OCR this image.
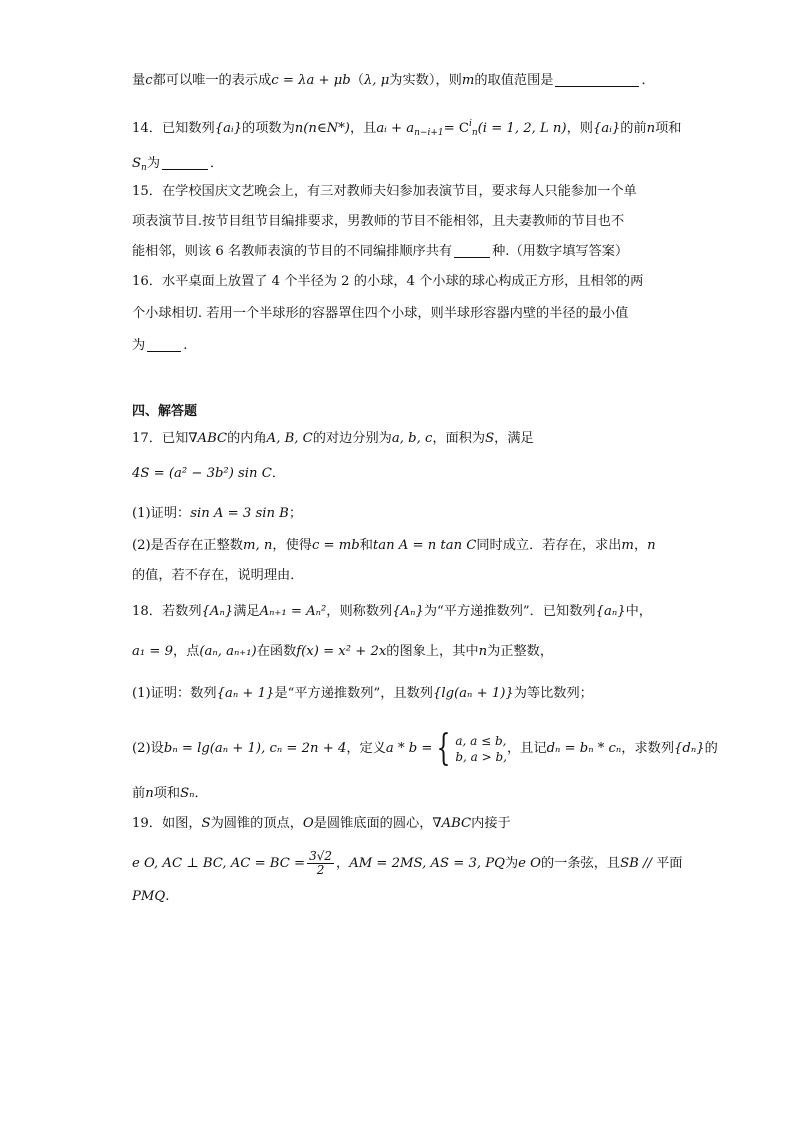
量c都可以唯一的表示成c = λa + μb（λ, μ为实数），则m的取值范围是	．
14．已知数列{aᵢ}的项数为n(n∈N*)，且aᵢ + $a_{n-i+1}= C^i_n(i = 1$, 2, L n)，则{aᵢ}的前n项和
$S_n$为	．
15．在学校国庆文艺晚会上，有三对教师夫妇参加表演节目，要求每人只能参加一个单
项表演节目.按节目组节目编排要求，男教师的节目不能相邻，且夫妻教师的节目也不
能相邻，则该 6 名教师表演的节目的不同编排顺序共有	种.（用数字填写答案）
16．水平桌面上放置了 4 个半径为 2 的小球，4 个小球的球心构成正方形，且相邻的两
个小球相切. 若用一个半球形的容器罩住四个小球，则半球形容器内壁的半径的最小值
为	.
四、解答题
17．已知∇ABC的内角A, B, C的对边分别为a, b, c，面积为S，满足
4S = (a² − 3b²) sin C．
(1)证明：sin A = 3 sin B；
(2)是否存在正整数m, n，使得c = mb和tan A = n tan C同时成立．若存在，求出m，n
的值，若不存在，说明理由．
18．若数列{Aₙ}满足Aₙ₊₁ = Aₙ²，则称数列{Aₙ}为“平方递推数列”．已知数列{aₙ}中，
a₁ = 9，点(aₙ, aₙ₊₁)在函数f(x) = x² + 2x的图象上，其中n为正整数，
(1)证明：数列{aₙ + 1}是“平方递推数列”，且数列{lg(aₙ + 1)}为等比数列；
(2)设bₙ = lg(aₙ + 1), cₙ = 2n + 4，定义a * b = { a, a ≤ b,
b, a > b,
，且记dₙ = bₙ * cₙ，求数列{dₙ}的
前n项和Sₙ．
19．如图，S为圆锥的顶点，O是圆锥底面的圆心，∇ABC内接于
e O, AC ⊥ BC, AC = BC = $\frac{3√2}{2}$ ，AM = 2MS, AS = 3, PQ为e O的一条弦，且SB // 平面
PMQ.
